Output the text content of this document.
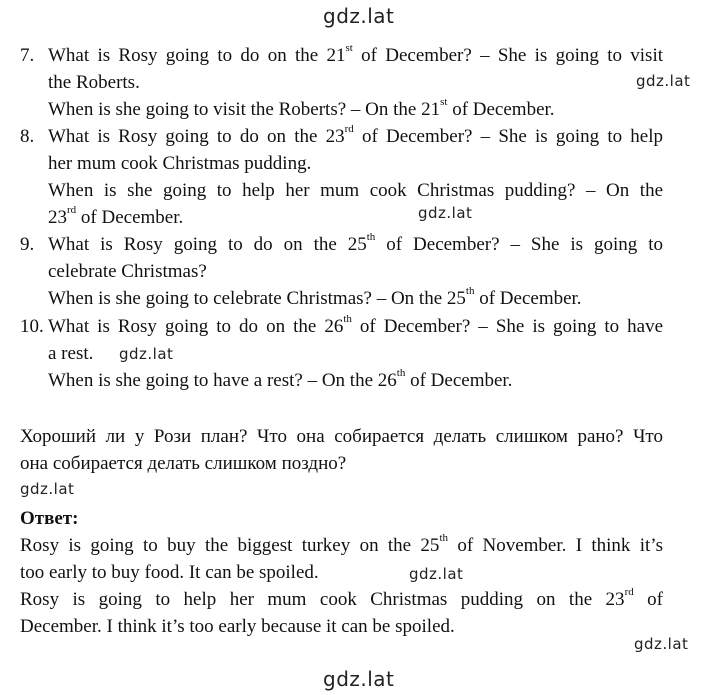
gdz.lat
gdz.lat
gdz.lat
gdz.lat
gdz.lat
gdz.lat
gdz.lat
gdz.lat
7. What is Rosy going to do on the 21st of December? – She is going to visit
the Roberts.
When is she going to visit the Roberts? – On the 21st of December.
8. What is Rosy going to do on the 23rd of December? – She is going to help
her mum cook Christmas pudding.
When is she going to help her mum cook Christmas pudding? – On the
23rd of December.
9. What is Rosy going to do on the 25th of December? – She is going to
celebrate Christmas?
When is she going to celebrate Christmas? – On the 25th of December.
10. What is Rosy going to do on the 26th of December? – She is going to have
a rest.
When is she going to have a rest? – On the 26th of December.
Хороший ли у Рози план? Что она собирается делать слишком рано? Что
она собирается делать слишком поздно?
Ответ:
Rosy is going to buy the biggest turkey on the 25th of November. I think it’s
too early to buy food. It can be spoiled.
Rosy is going to help her mum cook Christmas pudding on the 23rd of
December. I think it’s too early because it can be spoiled.
